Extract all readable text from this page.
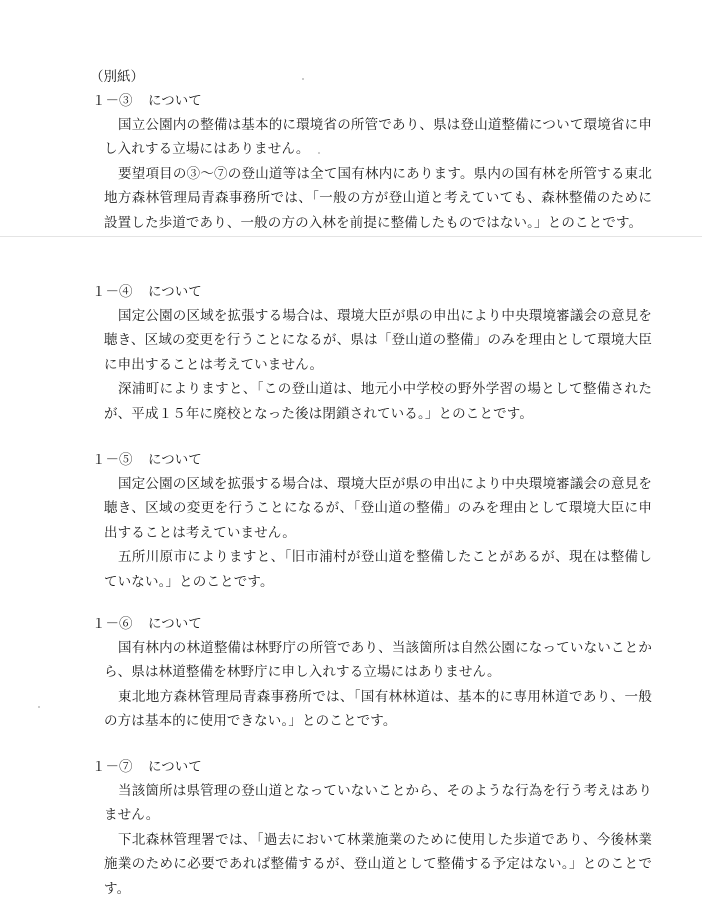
（別紙）
１－③ について

国立公園内の整備は基本的に環境省の所管であり、県は登山道整備について環境省に申し入れする立場にはありません。

要望項目の③～⑦の登山道等は全て国有林内にあります。県内の国有林を所管する東北地方森林管理局青森事務所では、「一般の方が登山道と考えていても、森林整備のために設置した歩道であり、一般の方の入林を前提に整備したものではない。」とのことです。

１－④ について

国定公園の区域を拡張する場合は、環境大臣が県の申出により中央環境審議会の意見を聴き、区域の変更を行うことになるが、県は「登山道の整備」のみを理由として環境大臣に申出することは考えていません。

深浦町によりますと、「この登山道は、地元小中学校の野外学習の場として整備されたが、平成１５年に廃校となった後は閉鎖されている。」とのことです。

１－⑤ について

国定公園の区域を拡張する場合は、環境大臣が県の申出により中央環境審議会の意見を聴き、区域の変更を行うことになるが、「登山道の整備」のみを理由として環境大臣に申出することは考えていません。

五所川原市によりますと、「旧市浦村が登山道を整備したことがあるが、現在は整備していない。」とのことです。

１－⑥ について

国有林内の林道整備は林野庁の所管であり、当該箇所は自然公園になっていないことから、県は林道整備を林野庁に申し入れする立場にはありません。

東北地方森林管理局青森事務所では、「国有林林道は、基本的に専用林道であり、一般の方は基本的に使用できない。」とのことです。

１－⑦ について

当該箇所は県管理の登山道となっていないことから、そのような行為を行う考えはありません。

下北森林管理署では、「過去において林業施業のために使用した歩道であり、今後林業施業のために必要であれば整備するが、登山道として整備する予定はない。」とのことです。
